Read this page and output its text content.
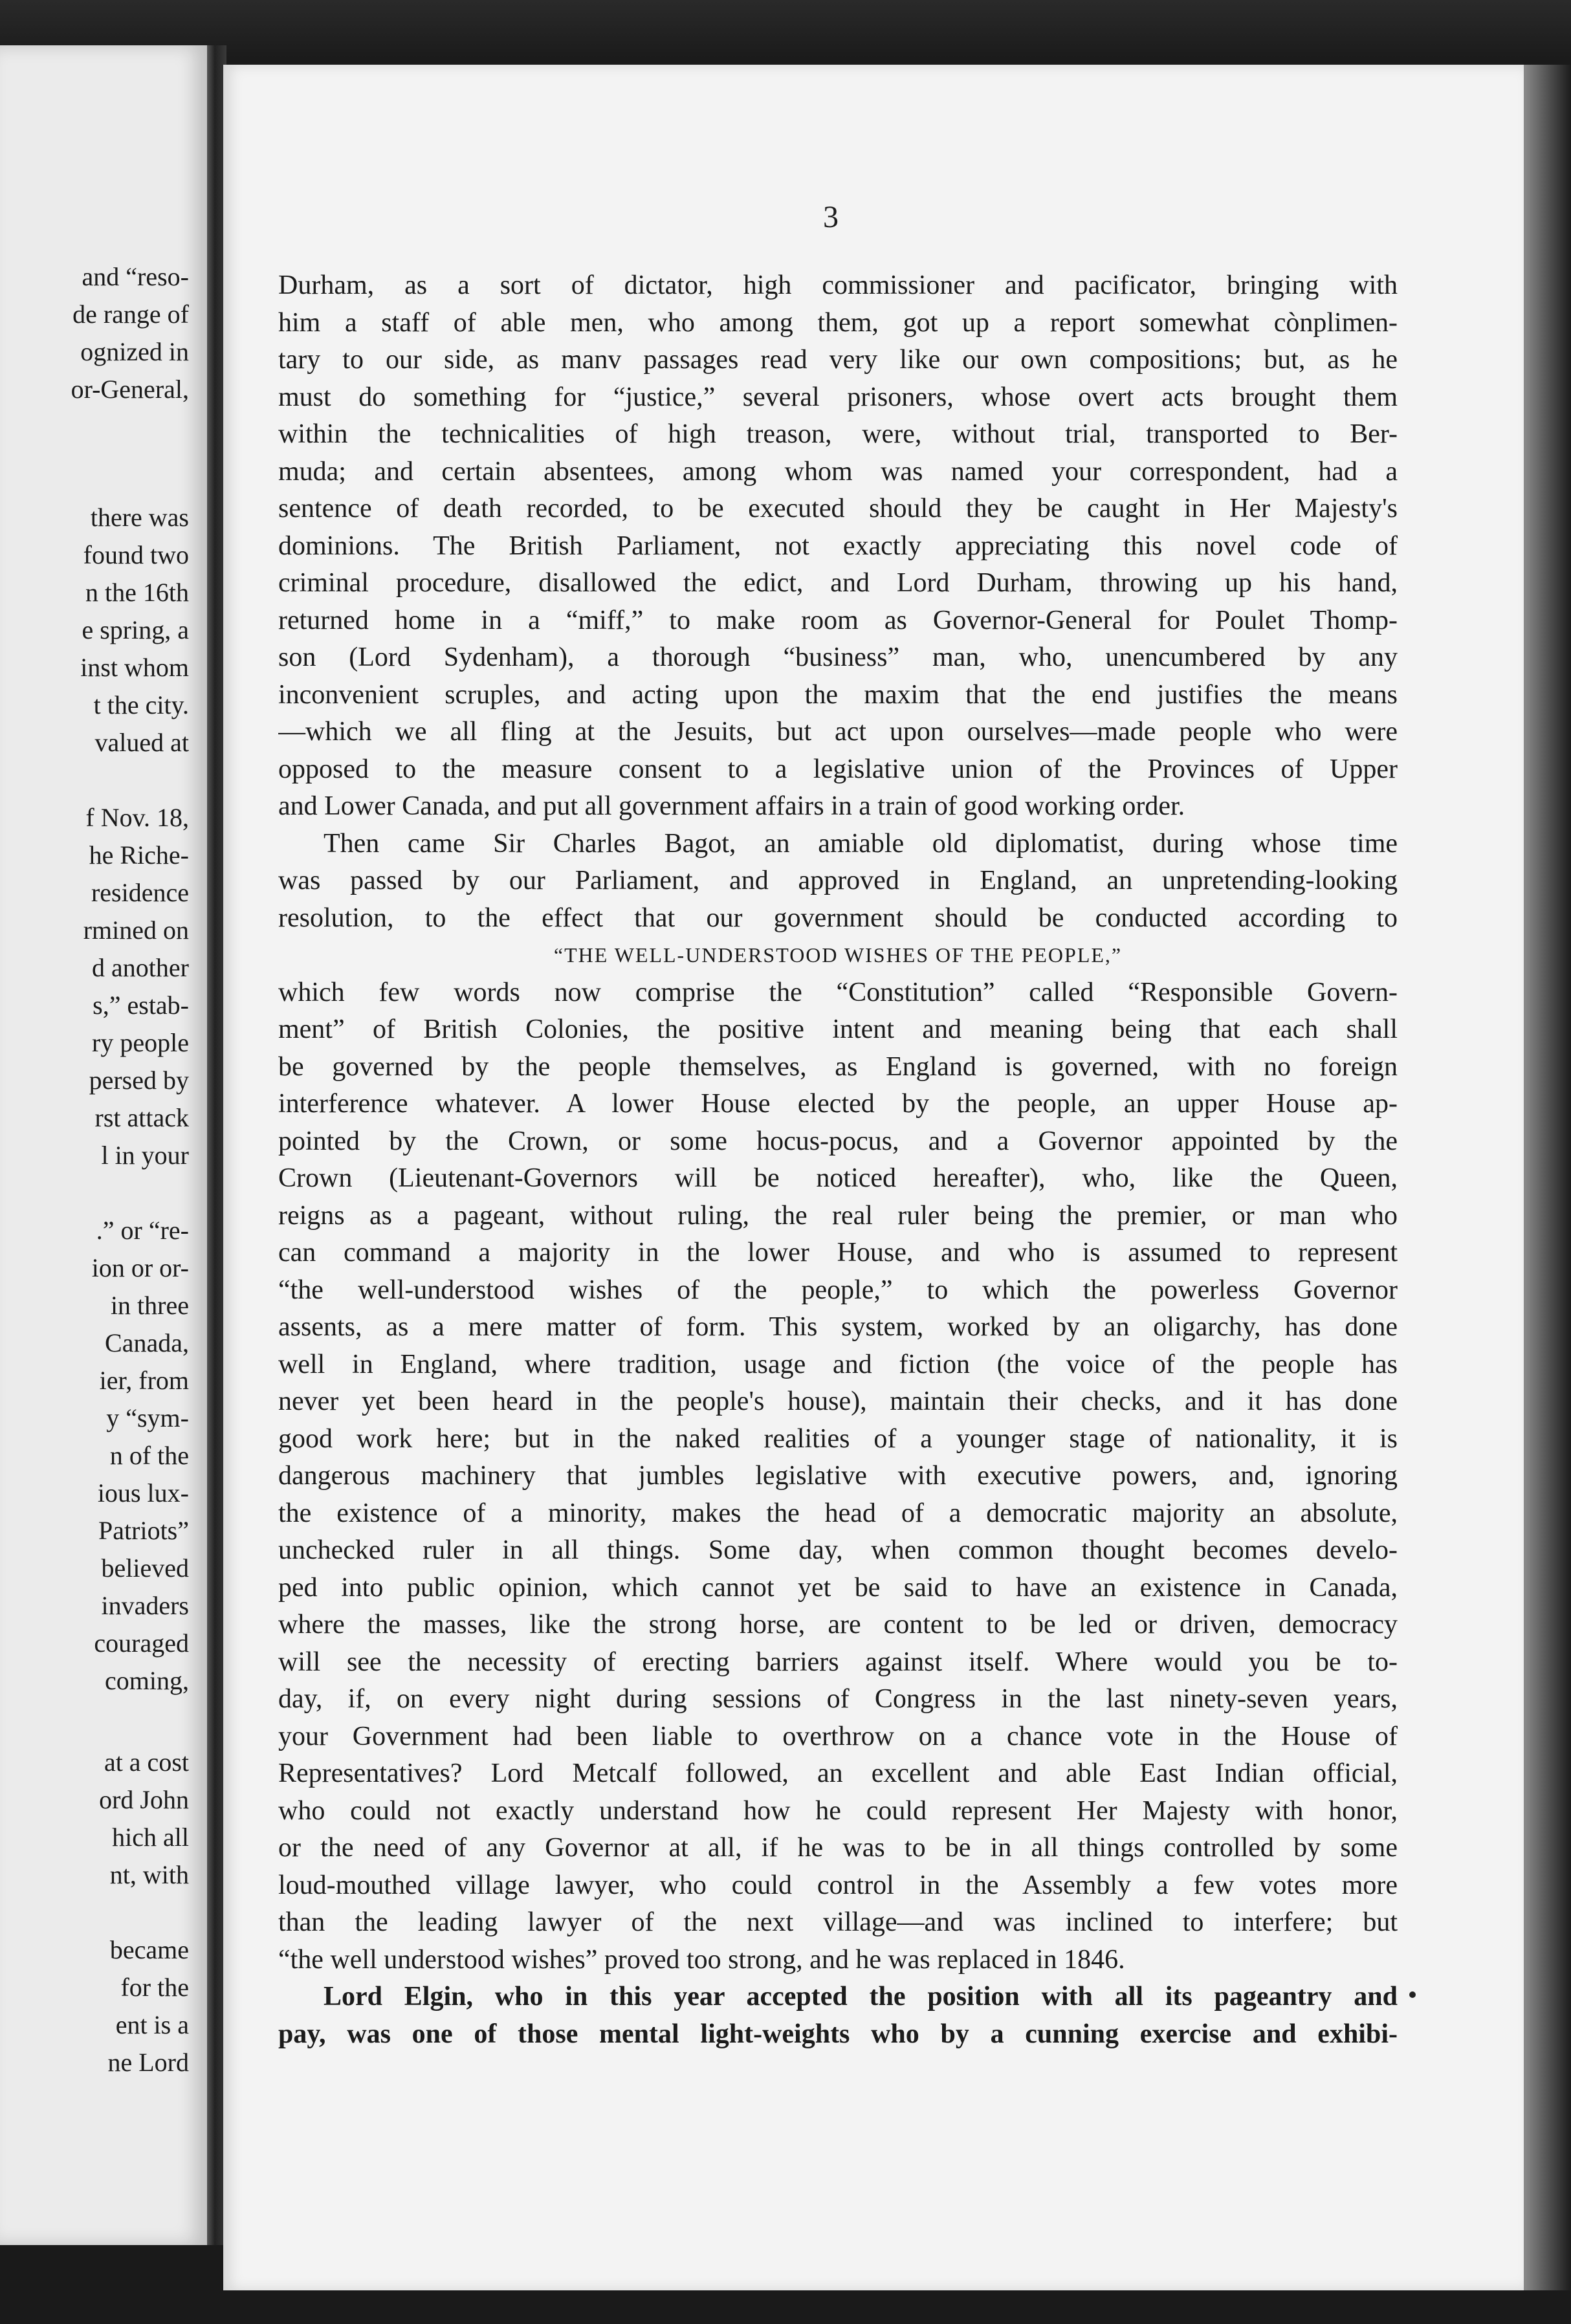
and “reso-
de range of
ognized in
or-General,
there was
found two
n the 16th
e spring, a
inst whom
t the city.
valued at
f Nov. 18,
he Riche-
residence
rmined on
d another
s,” estab-
ry people
persed by
rst attack
l in your
.” or “re-
ion or or-
in three
Canada,
ier, from
y “sym-
n of the
ious lux-
Patriots”
believed
invaders
couraged
coming,
at a cost
ord John
hich all
nt, with
became
for the
ent is a
ne Lord
3
Durham, as a sort of dictator, high commissioner and pacificator, bringing with
him a staff of able men, who among them, got up a report somewhat cònplimen-
tary to our side, as manv passages read very like our own compositions; but, as he
must do something for “justice,” several prisoners, whose overt acts brought them
within the technicalities of high treason, were, without trial, transported to Ber-
muda; and certain absentees, among whom was named your correspondent, had a
sentence of death recorded, to be executed should they be caught in Her Majesty's
dominions. The British Parliament, not exactly appreciating this novel code of
criminal procedure, disallowed the edict, and Lord Durham, throwing up his hand,
returned home in a “miff,” to make room as Governor-General for Poulet Thomp-
son (Lord Sydenham), a thorough “business” man, who, unencumbered by any
inconvenient scruples, and acting upon the maxim that the end justifies the means
—which we all fling at the Jesuits, but act upon ourselves—made people who were
opposed to the measure consent to a legislative union of the Provinces of Upper
and Lower Canada, and put all government affairs in a train of good working order.
Then came Sir Charles Bagot, an amiable old diplomatist, during whose time
was passed by our Parliament, and approved in England, an unpretending-looking
resolution, to the effect that our government should be conducted according to
“THE WELL-UNDERSTOOD WISHES OF THE PEOPLE,”
which few words now comprise the “Constitution” called “Responsible Govern-
ment” of British Colonies, the positive intent and meaning being that each shall
be governed by the people themselves, as England is governed, with no foreign
interference whatever. A lower House elected by the people, an upper House ap-
pointed by the Crown, or some hocus-pocus, and a Governor appointed by the
Crown (Lieutenant-Governors will be noticed hereafter), who, like the Queen,
reigns as a pageant, without ruling, the real ruler being the premier, or man who
can command a majority in the lower House, and who is assumed to represent
“the well-understood wishes of the people,” to which the powerless Governor
assents, as a mere matter of form. This system, worked by an oligarchy, has done
well in England, where tradition, usage and fiction (the voice of the people has
never yet been heard in the people's house), maintain their checks, and it has done
good work here; but in the naked realities of a younger stage of nationality, it is
dangerous machinery that jumbles legislative with executive powers, and, ignoring
the existence of a minority, makes the head of a democratic majority an absolute,
unchecked ruler in all things. Some day, when common thought becomes develo-
ped into public opinion, which cannot yet be said to have an existence in Canada,
where the masses, like the strong horse, are content to be led or driven, democracy
will see the necessity of erecting barriers against itself. Where would you be to-
day, if, on every night during sessions of Congress in the last ninety-seven years,
your Government had been liable to overthrow on a chance vote in the House of
Representatives? Lord Metcalf followed, an excellent and able East Indian official,
who could not exactly understand how he could represent Her Majesty with honor,
or the need of any Governor at all, if he was to be in all things controlled by some
loud-mouthed village lawyer, who could control in the Assembly a few votes more
than the leading lawyer of the next village—and was inclined to interfere; but
“the well understood wishes” proved too strong, and he was replaced in 1846.
Lord Elgin, who in this year accepted the position with all its pageantry and
pay, was one of those mental light-weights who by a cunning exercise and exhibi-
